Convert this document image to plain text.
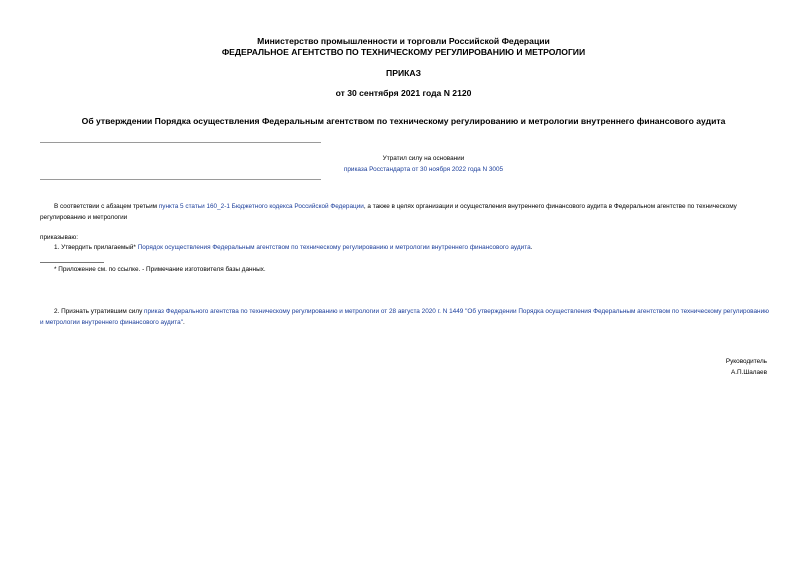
Министерство промышленности и торговли Российской Федерации
ФЕДЕРАЛЬНОЕ АГЕНТСТВО ПО ТЕХНИЧЕСКОМУ РЕГУЛИРОВАНИЮ И МЕТРОЛОГИИ
ПРИКАЗ
от 30 сентября 2021 года N 2120
Об утверждении Порядка осуществления Федеральным агентством по техническому регулированию и метрологии внутреннего финансового аудита
Утратил силу на основании
приказа Росстандарта от 30 ноября 2022 года N 3005
В соответствии с абзацем третьим пункта 5 статьи 160_2-1 Бюджетного кодекса Российской Федерации, а также в целях организации и осуществления внутреннего финансового аудита в Федеральном агентстве по техническому регулированию и метрологии
приказываю:
1. Утвердить прилагаемый* Порядок осуществления Федеральным агентством по техническому регулированию и метрологии внутреннего финансового аудита.
* Приложение см. по ссылке. - Примечание изготовителя базы данных.
2. Признать утратившим силу приказ Федерального агентства по техническому регулированию и метрологии от 28 августа 2020 г. N 1449 "Об утверждении Порядка осуществления Федеральным агентством по техническому регулированию и метрологии внутреннего финансового аудита".
Руководитель
А.П.Шалаев
